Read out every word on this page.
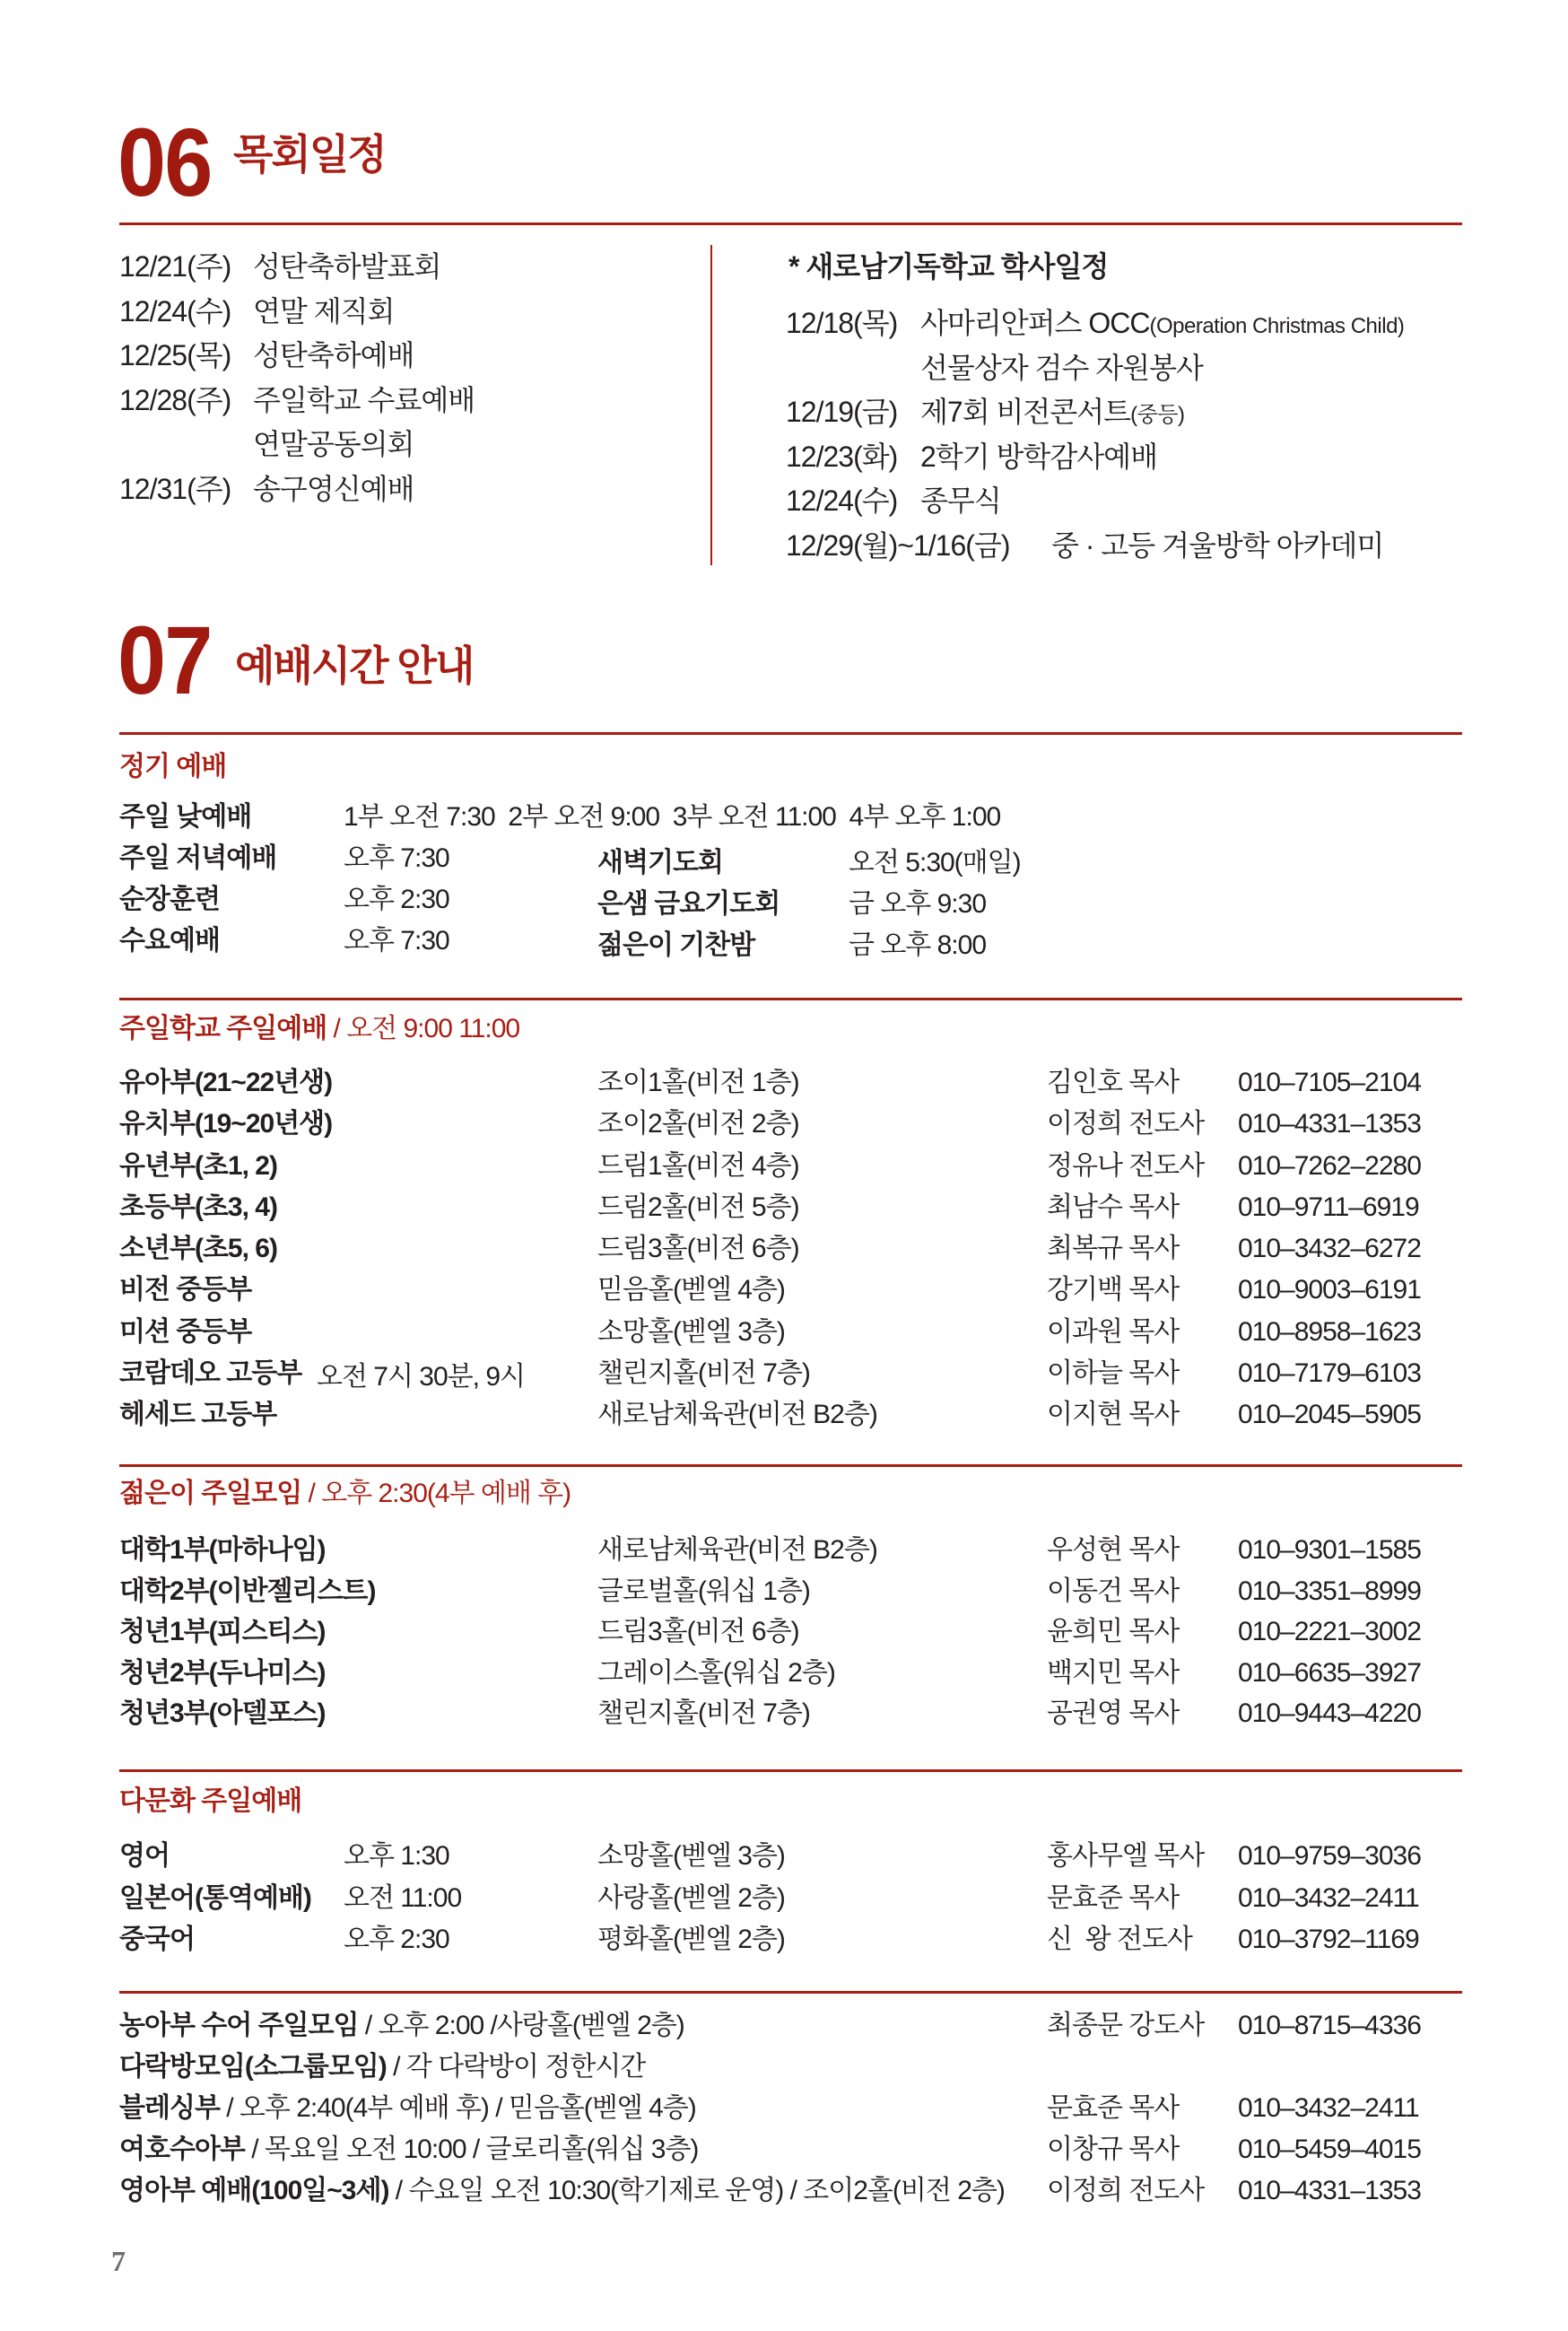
06 목회일정
12/21(주) 성탄축하발표회
12/24(수) 연말 제직회
12/25(목) 성탄축하예배
12/28(주) 주일학교 수료예배
연말공동의회
12/31(주) 송구영신예배
* 새로남기독학교 학사일정
12/18(목) 사마리안퍼스 OCC(Operation Christmas Child)
선물상자 검수 자원봉사
12/19(금) 제7회 비전콘서트(중등)
12/23(화) 2학기 방학감사예배
12/24(수) 종무식
12/29(월)~1/16(금) 중 · 고등 겨울방학 아카데미
07 예배시간 안내
정기 예배
주일 낮예배	1부 오전 7:30  2부 오전 9:00  3부 오전 11:00  4부 오후 1:00
주일 저녁예배 오후 7:30	새벽기도회	오전 5:30(매일)
순장훈련	오후 2:30	은샘 금요기도회	금 오후 9:30
수요예배	오후 7:30	젊은이 기찬밤	금 오후 8:00
주일학교 주일예배 / 오전 9:00 11:00
유아부(21~22년생)	조이1홀(비전 1층)	김인호 목사 010–7105–2104
유치부(19~20년생)	조이2홀(비전 2층)	이정희 전도사 010–4331–1353
유년부(초1, 2)	드림1홀(비전 4층)	정유나 전도사 010–7262–2280
초등부(초3, 4)	드림2홀(비전 5층)	최남수 목사 010–9711–6919
소년부(초5, 6)	드림3홀(비전 6층)	최복규 목사 010–3432–6272
비전 중등부	믿음홀(벧엘 4층)	강기백 목사 010–9003–6191
미션 중등부	소망홀(벧엘 3층)	이과원 목사 010–8958–1623
코람데오 고등부 오전 7시 30분, 9시	챌린지홀(비전 7층)	이하늘 목사 010–7179–6103
헤세드 고등부	새로남체육관(비전 B2층)	이지현 목사 010–2045–5905
젊은이 주일모임 / 오후 2:30(4부 예배 후)
대학1부(마하나임)	새로남체육관(비전 B2층)	우성현 목사 010–9301–1585
대학2부(이반젤리스트)	글로벌홀(워십 1층)	이동건 목사 010–3351–8999
청년1부(피스티스)	드림3홀(비전 6층)	윤희민 목사 010–2221–3002
청년2부(두나미스)	그레이스홀(워십 2층)	백지민 목사 010–6635–3927
청년3부(아델포스)	챌린지홀(비전 7층)	공권영 목사 010–9443–4220
다문화 주일예배
영어	오후 1:30	소망홀(벧엘 3층)	홍사무엘 목사 010–9759–3036
일본어(통역예배) 오전 11:00	사랑홀(벧엘 2층)	문효준 목사 010–3432–2411
중국어	오후 2:30	평화홀(벧엘 2층)	신  왕 전도사 010–3792–1169
농아부 수어 주일모임 / 오후 2:00 /사랑홀(벧엘 2층)	최종문 강도사 010–8715–4336
다락방모임(소그룹모임) / 각 다락방이 정한시간
블레싱부 / 오후 2:40(4부 예배 후) / 믿음홀(벧엘 4층)	문효준 목사 010–3432–2411
여호수아부 / 목요일 오전 10:00 / 글로리홀(워십 3층)	이창규 목사 010–5459–4015
영아부 예배(100일~3세) / 수요일 오전 10:30(학기제로 운영) / 조이2홀(비전 2층) 이정희 전도사 010–4331–1353
7
